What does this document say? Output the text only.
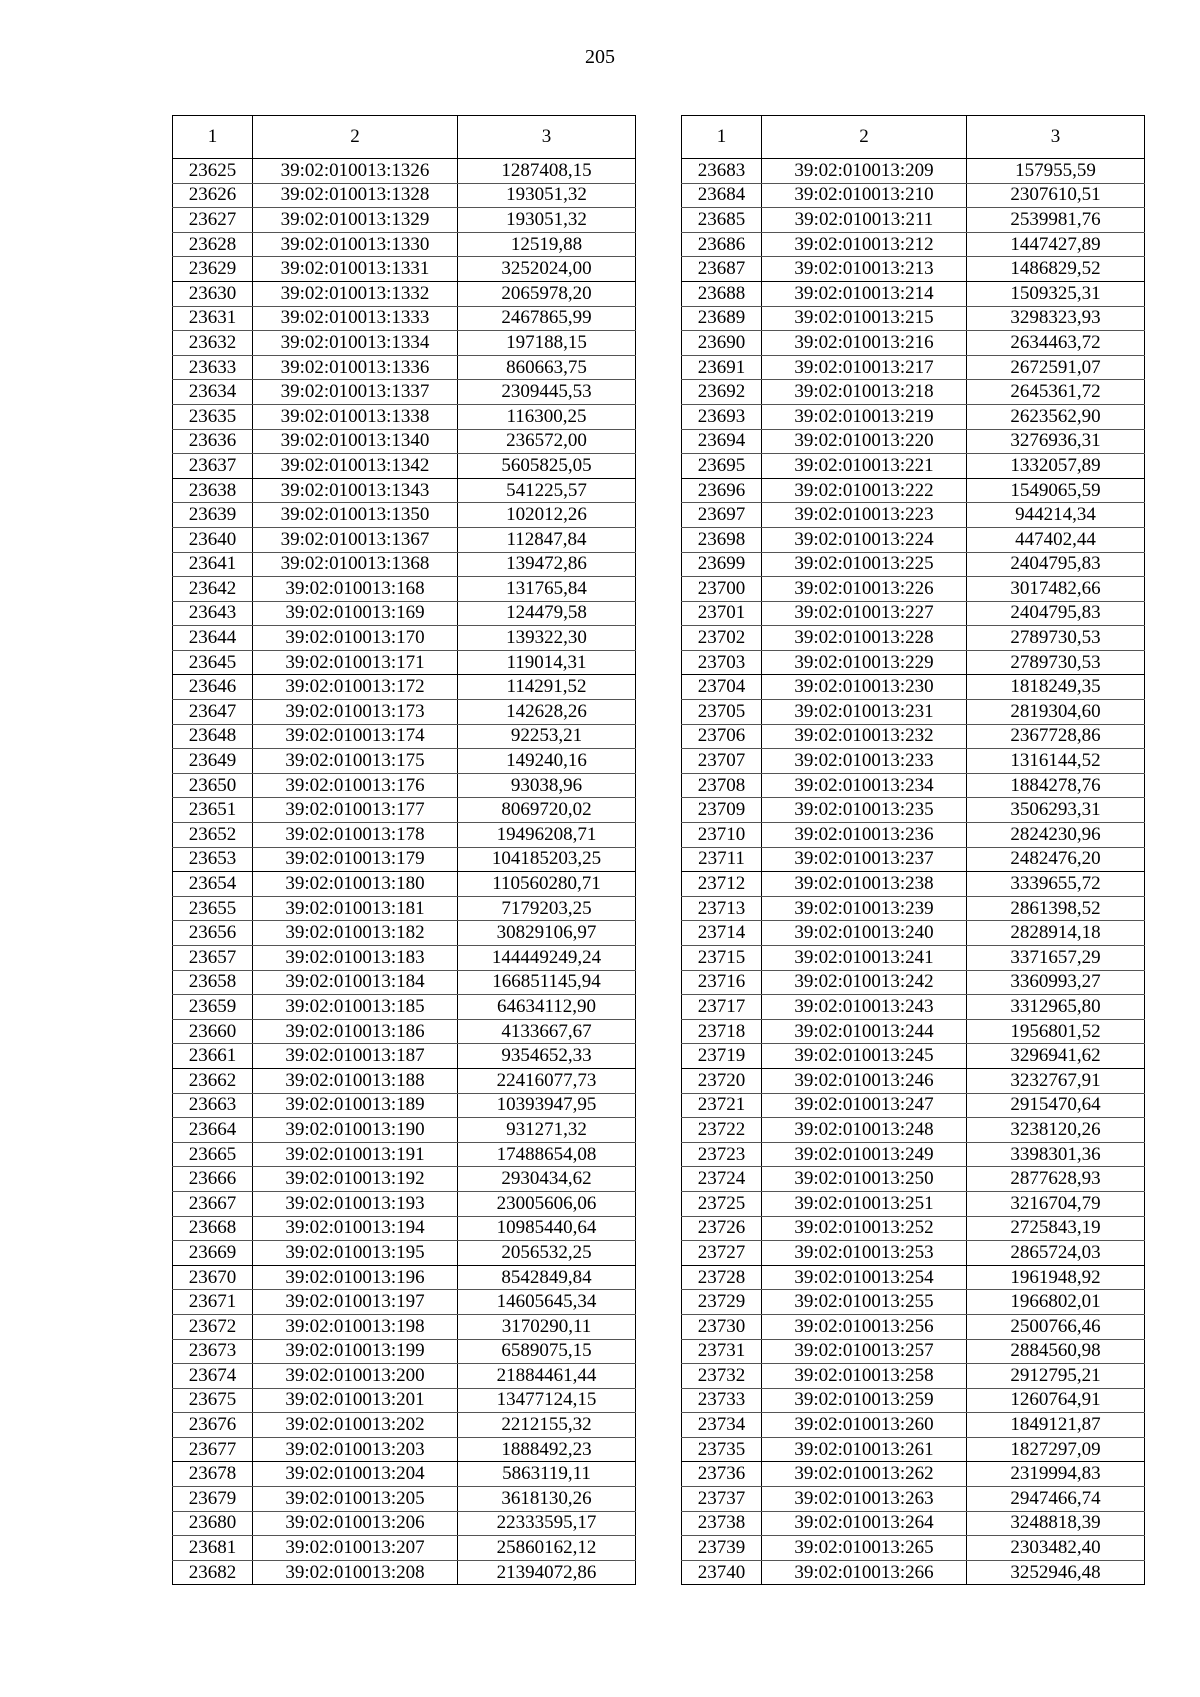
205
1	2	3
23625	39:02:010013:1326	1287408,15
23626	39:02:010013:1328	193051,32
23627	39:02:010013:1329	193051,32
23628	39:02:010013:1330	12519,88
23629	39:02:010013:1331	3252024,00
23630	39:02:010013:1332	2065978,20
23631	39:02:010013:1333	2467865,99
23632	39:02:010013:1334	197188,15
23633	39:02:010013:1336	860663,75
23634	39:02:010013:1337	2309445,53
23635	39:02:010013:1338	116300,25
23636	39:02:010013:1340	236572,00
23637	39:02:010013:1342	5605825,05
23638	39:02:010013:1343	541225,57
23639	39:02:010013:1350	102012,26
23640	39:02:010013:1367	112847,84
23641	39:02:010013:1368	139472,86
23642	39:02:010013:168	131765,84
23643	39:02:010013:169	124479,58
23644	39:02:010013:170	139322,30
23645	39:02:010013:171	119014,31
23646	39:02:010013:172	114291,52
23647	39:02:010013:173	142628,26
23648	39:02:010013:174	92253,21
23649	39:02:010013:175	149240,16
23650	39:02:010013:176	93038,96
23651	39:02:010013:177	8069720,02
23652	39:02:010013:178	19496208,71
23653	39:02:010013:179	104185203,25
23654	39:02:010013:180	110560280,71
23655	39:02:010013:181	7179203,25
23656	39:02:010013:182	30829106,97
23657	39:02:010013:183	144449249,24
23658	39:02:010013:184	166851145,94
23659	39:02:010013:185	64634112,90
23660	39:02:010013:186	4133667,67
23661	39:02:010013:187	9354652,33
23662	39:02:010013:188	22416077,73
23663	39:02:010013:189	10393947,95
23664	39:02:010013:190	931271,32
23665	39:02:010013:191	17488654,08
23666	39:02:010013:192	2930434,62
23667	39:02:010013:193	23005606,06
23668	39:02:010013:194	10985440,64
23669	39:02:010013:195	2056532,25
23670	39:02:010013:196	8542849,84
23671	39:02:010013:197	14605645,34
23672	39:02:010013:198	3170290,11
23673	39:02:010013:199	6589075,15
23674	39:02:010013:200	21884461,44
23675	39:02:010013:201	13477124,15
23676	39:02:010013:202	2212155,32
23677	39:02:010013:203	1888492,23
23678	39:02:010013:204	5863119,11
23679	39:02:010013:205	3618130,26
23680	39:02:010013:206	22333595,17
23681	39:02:010013:207	25860162,12
23682	39:02:010013:208	21394072,86
1	2	3
23683	39:02:010013:209	157955,59
23684	39:02:010013:210	2307610,51
23685	39:02:010013:211	2539981,76
23686	39:02:010013:212	1447427,89
23687	39:02:010013:213	1486829,52
23688	39:02:010013:214	1509325,31
23689	39:02:010013:215	3298323,93
23690	39:02:010013:216	2634463,72
23691	39:02:010013:217	2672591,07
23692	39:02:010013:218	2645361,72
23693	39:02:010013:219	2623562,90
23694	39:02:010013:220	3276936,31
23695	39:02:010013:221	1332057,89
23696	39:02:010013:222	1549065,59
23697	39:02:010013:223	944214,34
23698	39:02:010013:224	447402,44
23699	39:02:010013:225	2404795,83
23700	39:02:010013:226	3017482,66
23701	39:02:010013:227	2404795,83
23702	39:02:010013:228	2789730,53
23703	39:02:010013:229	2789730,53
23704	39:02:010013:230	1818249,35
23705	39:02:010013:231	2819304,60
23706	39:02:010013:232	2367728,86
23707	39:02:010013:233	1316144,52
23708	39:02:010013:234	1884278,76
23709	39:02:010013:235	3506293,31
23710	39:02:010013:236	2824230,96
23711	39:02:010013:237	2482476,20
23712	39:02:010013:238	3339655,72
23713	39:02:010013:239	2861398,52
23714	39:02:010013:240	2828914,18
23715	39:02:010013:241	3371657,29
23716	39:02:010013:242	3360993,27
23717	39:02:010013:243	3312965,80
23718	39:02:010013:244	1956801,52
23719	39:02:010013:245	3296941,62
23720	39:02:010013:246	3232767,91
23721	39:02:010013:247	2915470,64
23722	39:02:010013:248	3238120,26
23723	39:02:010013:249	3398301,36
23724	39:02:010013:250	2877628,93
23725	39:02:010013:251	3216704,79
23726	39:02:010013:252	2725843,19
23727	39:02:010013:253	2865724,03
23728	39:02:010013:254	1961948,92
23729	39:02:010013:255	1966802,01
23730	39:02:010013:256	2500766,46
23731	39:02:010013:257	2884560,98
23732	39:02:010013:258	2912795,21
23733	39:02:010013:259	1260764,91
23734	39:02:010013:260	1849121,87
23735	39:02:010013:261	1827297,09
23736	39:02:010013:262	2319994,83
23737	39:02:010013:263	2947466,74
23738	39:02:010013:264	3248818,39
23739	39:02:010013:265	2303482,40
23740	39:02:010013:266	3252946,48
